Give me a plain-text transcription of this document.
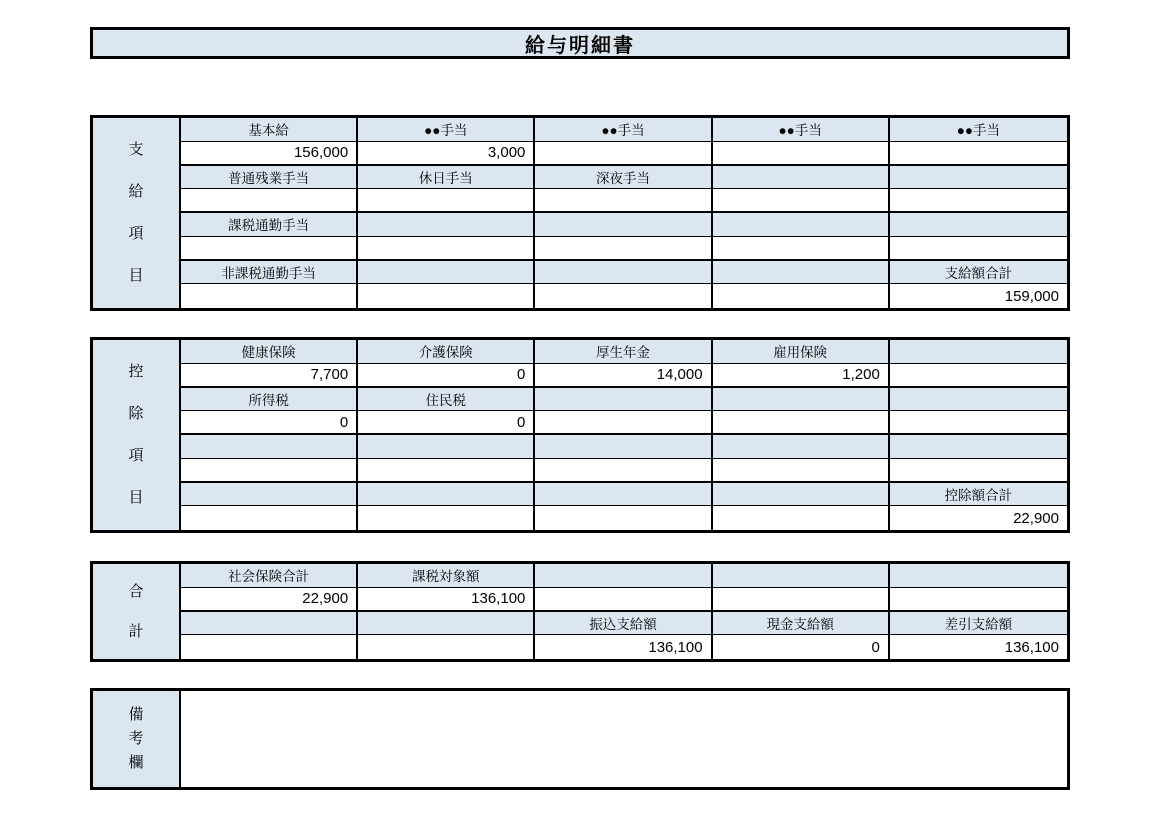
給与明細書
支
給
項
目
基本給	●●手当	●●手当	●●手当	●●手当
156,000	3,000
普通残業手当	休日手当	深夜手当
課税通勤手当
非課税通勤手当	支給額合計
159,000
控
除
項
目
健康保険	介護保険	厚生年金	雇用保険
7,700	0	14,000	1,200
所得税	住民税
0	0
控除額合計
22,900
合
計
社会保険合計	課税対象額
22,900	136,100
振込支給額	現金支給額	差引支給額
136,100	0	136,100
備
考
欄
